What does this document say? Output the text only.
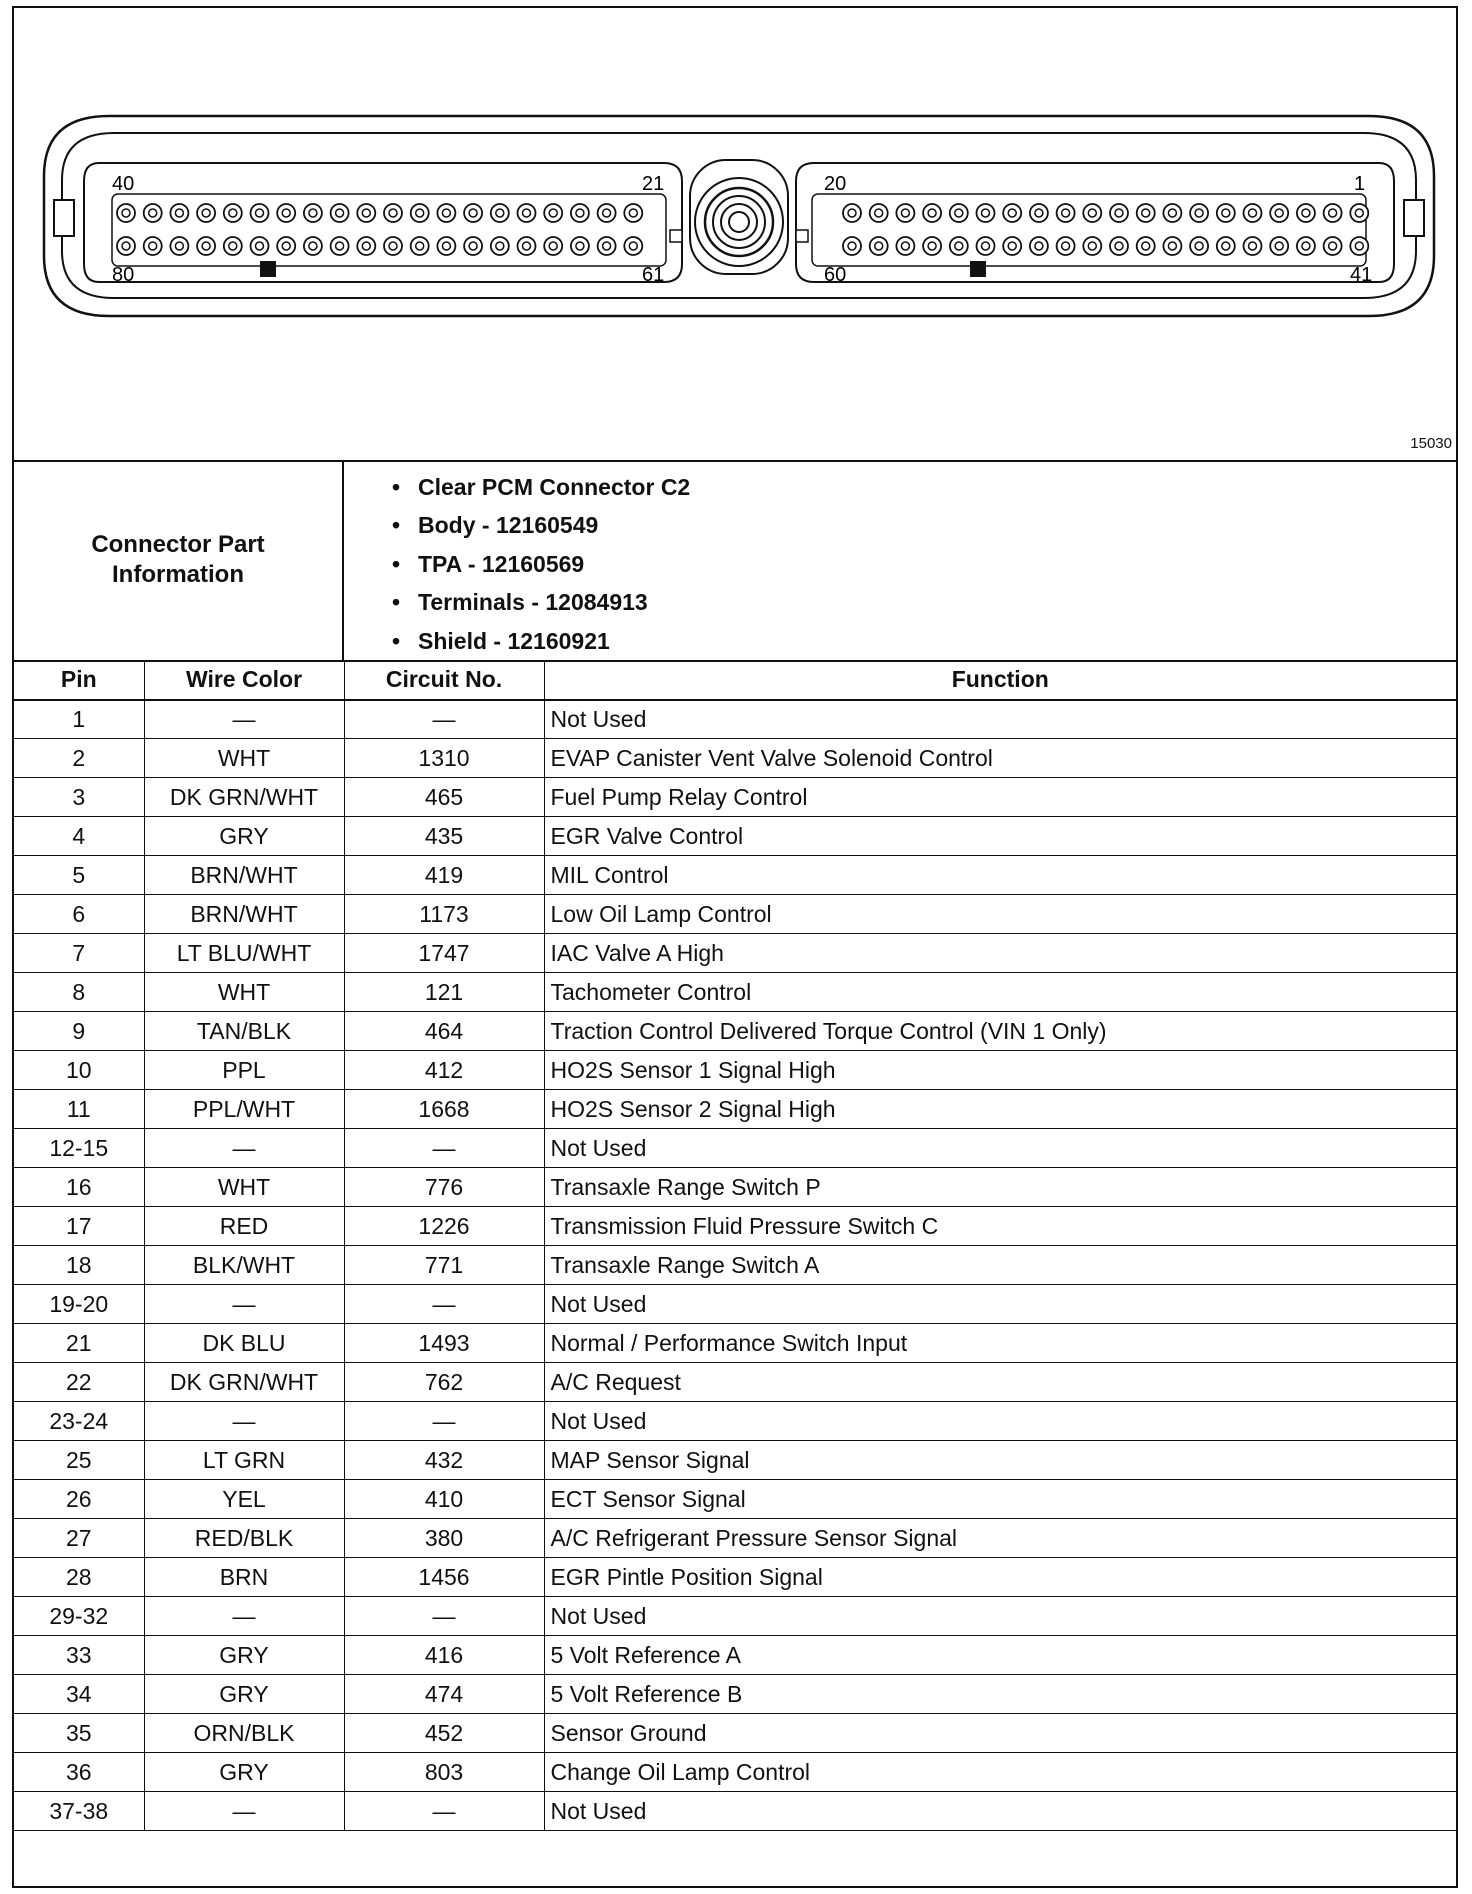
40	21
80	61
20	1
60	41
15030
Connector Part Information
• Clear PCM Connector C2
• Body - 12160549
• TPA - 12160569
• Terminals - 12084913
• Shield - 12160921
Pin	Wire Color	Circuit No.	Function
1	—	—	Not Used
2	WHT	1310	EVAP Canister Vent Valve Solenoid Control
3	DK GRN/WHT	465	Fuel Pump Relay Control
4	GRY	435	EGR Valve Control
5	BRN/WHT	419	MIL Control
6	BRN/WHT	1173	Low Oil Lamp Control
7	LT BLU/WHT	1747	IAC Valve A High
8	WHT	121	Tachometer Control
9	TAN/BLK	464	Traction Control Delivered Torque Control (VIN 1 Only)
10	PPL	412	HO2S Sensor 1 Signal High
11	PPL/WHT	1668	HO2S Sensor 2 Signal High
12-15	—	—	Not Used
16	WHT	776	Transaxle Range Switch P
17	RED	1226	Transmission Fluid Pressure Switch C
18	BLK/WHT	771	Transaxle Range Switch A
19-20	—	—	Not Used
21	DK BLU	1493	Normal / Performance Switch Input
22	DK GRN/WHT	762	A/C Request
23-24	—	—	Not Used
25	LT GRN	432	MAP Sensor Signal
26	YEL	410	ECT Sensor Signal
27	RED/BLK	380	A/C Refrigerant Pressure Sensor Signal
28	BRN	1456	EGR Pintle Position Signal
29-32	—	—	Not Used
33	GRY	416	5 Volt Reference A
34	GRY	474	5 Volt Reference B
35	ORN/BLK	452	Sensor Ground
36	GRY	803	Change Oil Lamp Control
37-38	—	—	Not Used
